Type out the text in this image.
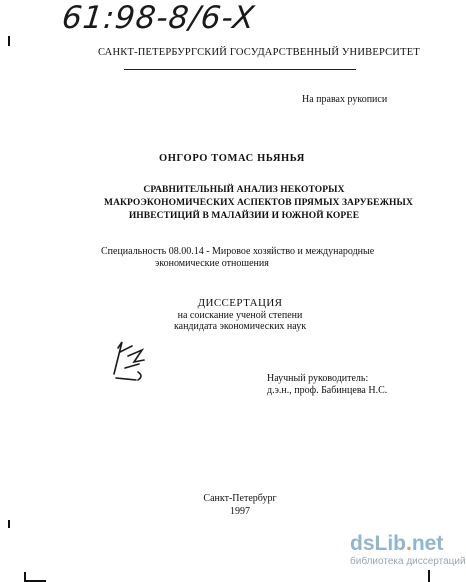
61:98-8/6-X
САНКТ-ПЕТЕРБУРГСКИЙ ГОСУДАРСТВЕННЫЙ УНИВЕРСИТЕТ
На правах рукописи
ОНГОРО ТОМАС НЬЯНЬЯ
СРАВНИТЕЛЬНЫЙ АНАЛИЗ НЕКОТОРЫХ
МАКРОЭКОНОМИЧЕСКИХ АСПЕКТОВ ПРЯМЫХ ЗАРУБЕЖНЫХ
ИНВЕСТИЦИЙ В МАЛАЙЗИИ И ЮЖНОЙ КОРЕЕ
Специальность 08.00.14 - Мировое хозяйство и международные
экономические отношения
ДИССЕРТАЦИЯ
на соискание ученой степени
кандидата экономических наук
Научный руководитель:
д.э.н., проф. Бабинцева Н.С.
Санкт-Петербург
1997
dsLib.net
библиотека диссертаций
